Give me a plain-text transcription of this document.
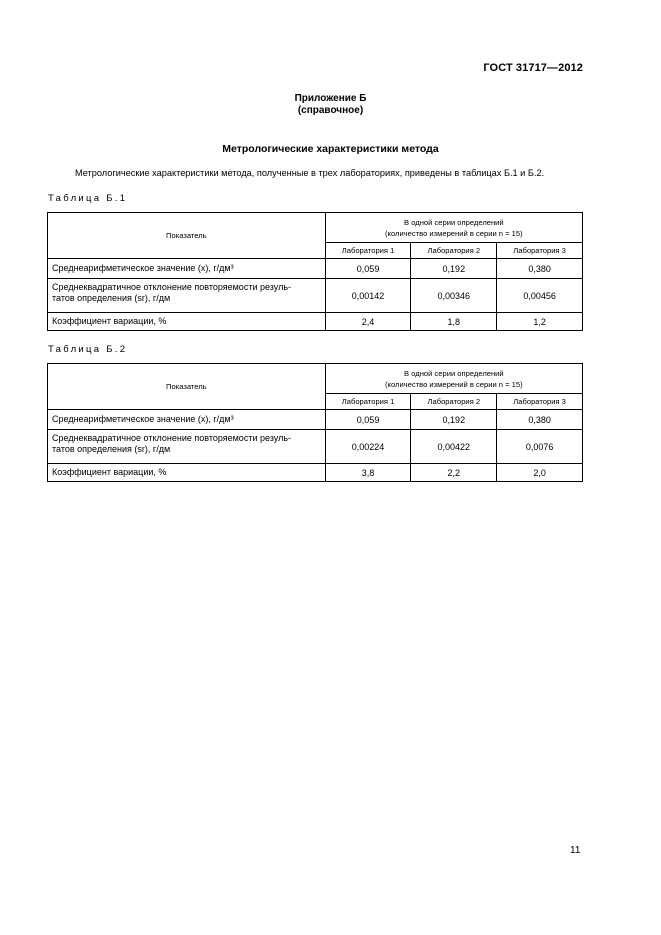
ГОСТ 31717—2012
Приложение Б
(справочное)
Метрологические характеристики метода
Метрологические характеристики метода, полученные в трех лабораториях, приведены в таблицах Б.1 и Б.2.
Таблица Б.1
Показатель	В одной серии определений
(количество измерений в серии n = 15)		
	Лаборатория 1	Лаборатория 2	Лаборатория 3
Среднеарифметическое значение (x), г/дм³	0,059	0,192	0,380
Среднеквадратичное отклонение повторяемости резуль-
татов определения (sr), г/дм	0,00142	0,00346	0,00456
Коэффициент вариации, %	2,4	1,8	1,2
Таблица Б.2
Показатель	В одной серии определений
(количество измерений в серии n = 15)		
	Лаборатория 1	Лаборатория 2	Лаборатория 3
Среднеарифметическое значение (x), г/дм³	0,059	0,192	0,380
Среднеквадратичное отклонение повторяемости резуль-
татов определения (sr), г/дм	0,00224	0,00422	0,0076
Коэффициент вариации, %	3,8	2,2	2,0
11
